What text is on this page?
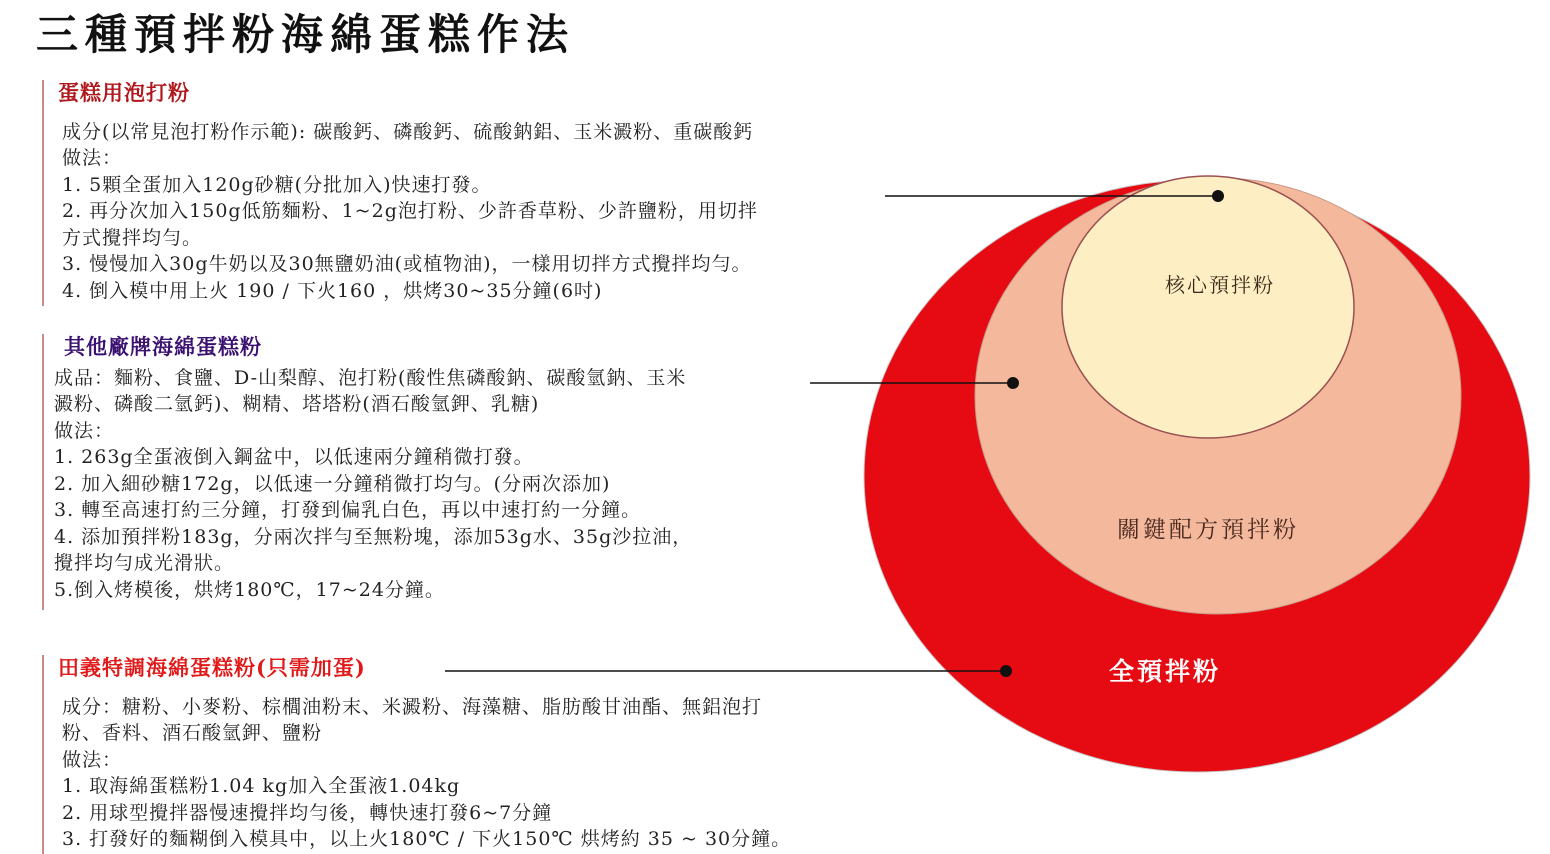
三種預拌粉海綿蛋糕作法
蛋糕用泡打粉
成分(以常見泡打粉作示範): 碳酸鈣、磷酸鈣、硫酸鈉鋁、玉米澱粉、重碳酸鈣
做法：
1. 5顆全蛋加入120g砂糖(分批加入)快速打發。
2. 再分次加入150g低筋麵粉、1~2g泡打粉、少許香草粉、少許鹽粉，用切拌
方式攪拌均勻。
3. 慢慢加入30g牛奶以及30無鹽奶油(或植物油)，一樣用切拌方式攪拌均勻。
4. 倒入模中用上火 190 / 下火160 ，烘烤30~35分鐘(6吋)
其他廠牌海綿蛋糕粉
成品：麵粉、食鹽、D-山梨醇、泡打粉(酸性焦磷酸鈉、碳酸氫鈉、玉米
澱粉、磷酸二氫鈣)、糊精、塔塔粉(酒石酸氫鉀、乳糖)
做法：
1. 263g全蛋液倒入鋼盆中，以低速兩分鐘稍微打發。
2. 加入細砂糖172g，以低速一分鐘稍微打均勻。(分兩次添加)
3. 轉至高速打約三分鐘，打發到偏乳白色，再以中速打約一分鐘。
4. 添加預拌粉183g，分兩次拌勻至無粉塊，添加53g水、35g沙拉油，
攪拌均勻成光滑狀。
5.倒入烤模後，烘烤180℃，17~24分鐘。
田義特調海綿蛋糕粉(只需加蛋)
成分：糖粉、小麥粉、棕櫚油粉末、米澱粉、海藻糖、脂肪酸甘油酯、無鋁泡打
粉、香料、酒石酸氫鉀、鹽粉
做法：
1. 取海綿蛋糕粉1.04 kg加入全蛋液1.04kg
2. 用球型攪拌器慢速攪拌均勻後，轉快速打發6~7分鐘
3. 打發好的麵糊倒入模具中，以上火180℃ / 下火150℃ 烘烤約 35 ~ 30分鐘。
核心預拌粉
關鍵配方預拌粉
全預拌粉
